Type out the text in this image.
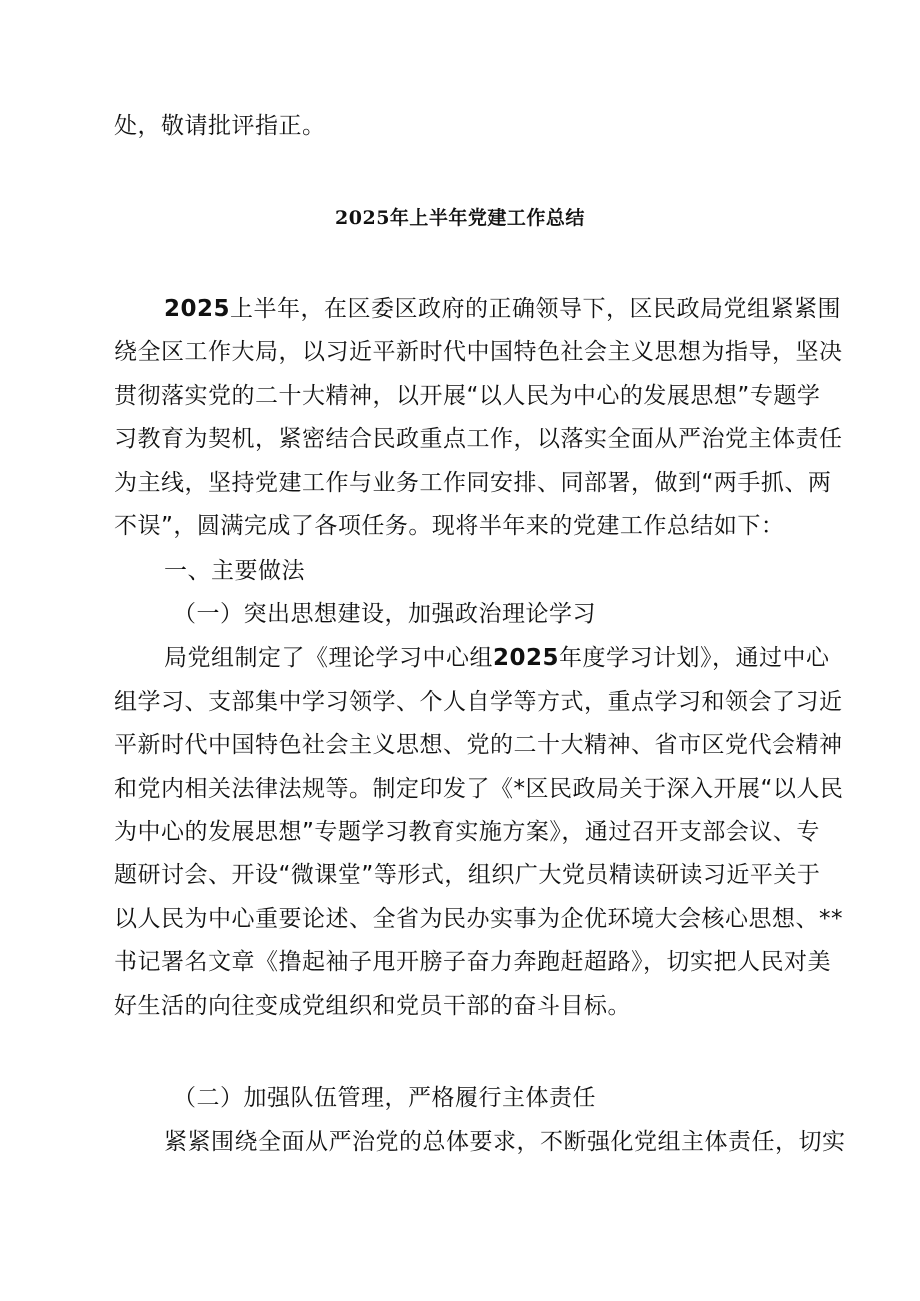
处，敬请批评指正。
2025年上半年党建工作总结
2025上半年，在区委区政府的正确领导下，区民政局党组紧紧围
绕全区工作大局，以习近平新时代中国特色社会主义思想为指导，坚决
贯彻落实党的二十大精神，以开展“以人民为中心的发展思想”专题学
习教育为契机，紧密结合民政重点工作，以落实全面从严治党主体责任
为主线，坚持党建工作与业务工作同安排、同部署，做到“两手抓、两
不误”，圆满完成了各项任务。现将半年来的党建工作总结如下：
一、主要做法
（一）突出思想建设，加强政治理论学习
局党组制定了《理论学习中心组2025年度学习计划》，通过中心
组学习、支部集中学习领学、个人自学等方式，重点学习和领会了习近
平新时代中国特色社会主义思想、党的二十大精神、省市区党代会精神
和党内相关法律法规等。制定印发了《*区民政局关于深入开展“以人民
为中心的发展思想”专题学习教育实施方案》，通过召开支部会议、专
题研讨会、开设“微课堂”等形式，组织广大党员精读研读习近平关于
以人民为中心重要论述、全省为民办实事为企优环境大会核心思想、**
书记署名文章《撸起袖子甩开膀子奋力奔跑赶超路》，切实把人民对美
好生活的向往变成党组织和党员干部的奋斗目标。
（二）加强队伍管理，严格履行主体责任
紧紧围绕全面从严治党的总体要求，不断强化党组主体责任，切实
